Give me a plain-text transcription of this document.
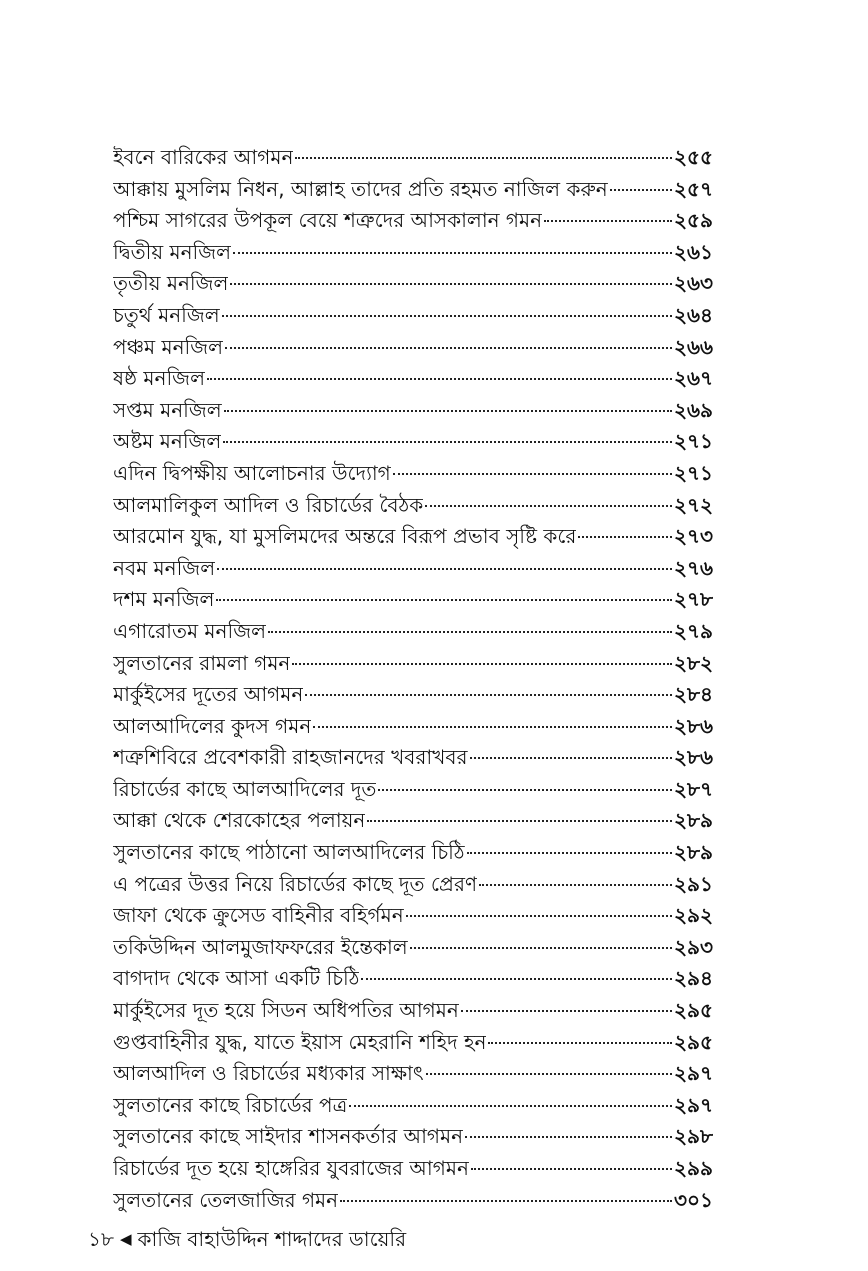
ইবনে বারিকের আগমন	২৫৫
আক্কায় মুসলিম নিধন, আল্লাহ তাদের প্রতি রহমত নাজিল করুন	২৫৭
পশ্চিম সাগরের উপকূল বেয়ে শত্রুদের আসকালান গমন	২৫৯
দ্বিতীয় মনজিল	২৬১
তৃতীয় মনজিল	২৬৩
চতুর্থ মনজিল	২৬৪
পঞ্চম মনজিল	২৬৬
ষষ্ঠ মনজিল	২৬৭
সপ্তম মনজিল	২৬৯
অষ্টম মনজিল	২৭১
এদিন দ্বিপক্ষীয় আলোচনার উদ্যোগ	২৭১
আলমালিকুল আদিল ও রিচার্ডের বৈঠক	২৭২
আরমোন যুদ্ধ, যা মুসলিমদের অন্তরে বিরূপ প্রভাব সৃষ্টি করে	২৭৩
নবম মনজিল	২৭৬
দশম মনজিল	২৭৮
এগারোতম মনজিল	২৭৯
সুলতানের রামলা গমন	২৮২
মার্কুইসের দূতের আগমন	২৮৪
আলআদিলের কুদস গমন	২৮৬
শত্রুশিবিরে প্রবেশকারী রাহজানদের খবরাখবর	২৮৬
রিচার্ডের কাছে আলআদিলের দূত	২৮৭
আক্কা থেকে শেরকোহের পলায়ন	২৮৯
সুলতানের কাছে পাঠানো আলআদিলের চিঠি	২৮৯
এ পত্রের উত্তর নিয়ে রিচার্ডের কাছে দূত প্রেরণ	২৯১
জাফা থেকে ক্রুসেড বাহিনীর বহির্গমন	২৯২
তকিউদ্দিন আলমুজাফফরের ইন্তেকাল	২৯৩
বাগদাদ থেকে আসা একটি চিঠি	২৯৪
মার্কুইসের দূত হয়ে সিডন অধিপতির আগমন	২৯৫
গুপ্তবাহিনীর যুদ্ধ, যাতে ইয়াস মেহরানি শহিদ হন	২৯৫
আলআদিল ও রিচার্ডের মধ্যকার সাক্ষাৎ	২৯৭
সুলতানের কাছে রিচার্ডের পত্র	২৯৭
সুলতানের কাছে সাইদার শাসনকর্তার আগমন	২৯৮
রিচার্ডের দূত হয়ে হাঙ্গেরির যুবরাজের আগমন	২৯৯
সুলতানের তেলজাজির গমন	৩০১
১৮ ◀ কাজি বাহাউদ্দিন শাদ্দাদের ডায়েরি
